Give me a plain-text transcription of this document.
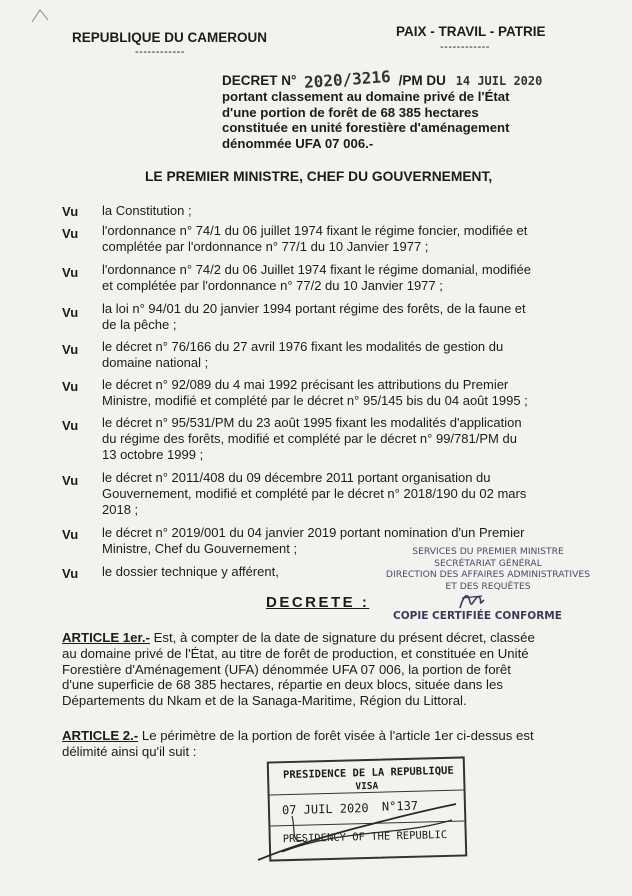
REPUBLIQUE DU CAMEROUN
------------
PAIX - TRAVIL - PATRIE
------------
DECRET N° 2020/3216 /PM DU 14 JUIL 2020
portant classement au domaine privé de l'État
d'une portion de forêt de 68 385 hectares
constituée en unité forestière d'aménagement
dénommée UFA 07 006.-
LE PREMIER MINISTRE, CHEF DU GOUVERNEMENT,
Vu la Constitution ;
Vu l'ordonnance n° 74/1 du 06 juillet 1974 fixant le régime foncier, modifiée et
complétée par l'ordonnance n° 77/1 du 10 Janvier 1977 ;
Vu l'ordonnance n° 74/2 du 06 Juillet 1974 fixant le régime domanial, modifiée
et complétée par l'ordonnance n° 77/2 du 10 Janvier 1977 ;
Vu la loi n° 94/01 du 20 janvier 1994 portant régime des forêts, de la faune et
de la pêche ;
Vu le décret n° 76/166 du 27 avril 1976 fixant les modalités de gestion du
domaine national ;
Vu le décret n° 92/089 du 4 mai 1992 précisant les attributions du Premier
Ministre, modifié et complété par le décret n° 95/145 bis du 04 août 1995 ;
Vu le décret n° 95/531/PM du 23 août 1995 fixant les modalités d'application
du régime des forêts, modifié et complété par le décret n° 99/781/PM du
13 octobre 1999 ;
Vu le décret n° 2011/408 du 09 décembre 2011 portant organisation du
Gouvernement, modifié et complété par le décret n° 2018/190 du 02 mars
2018 ;
Vu le décret n° 2019/001 du 04 janvier 2019 portant nomination d'un Premier
Ministre, Chef du Gouvernement ;
Vu le dossier technique y afférent,
SERVICES DU PREMIER MINISTRE
SECRÉTARIAT GÉNÉRAL
DIRECTION DES AFFAIRES ADMINISTRATIVES
ET DES REQUÊTES
COPIE CERTIFIÉE CONFORME
DECRETE :
ARTICLE 1er.- Est, à compter de la date de signature du présent décret, classée
au domaine privé de l'État, au titre de forêt de production, et constituée en Unité
Forestière d'Aménagement (UFA) dénommée UFA 07 006, la portion de forêt
d'une superficie de 68 385 hectares, répartie en deux blocs, située dans les
Départements du Nkam et de la Sanaga-Maritime, Région du Littoral.
ARTICLE 2.- Le périmètre de la portion de forêt visée à l'article 1er ci-dessus est
délimité ainsi qu'il suit :
PRESIDENCE DE LA REPUBLIQUE
VISA
07 JUIL 2020 N°137
PRESIDENCY OF THE REPUBLIC
